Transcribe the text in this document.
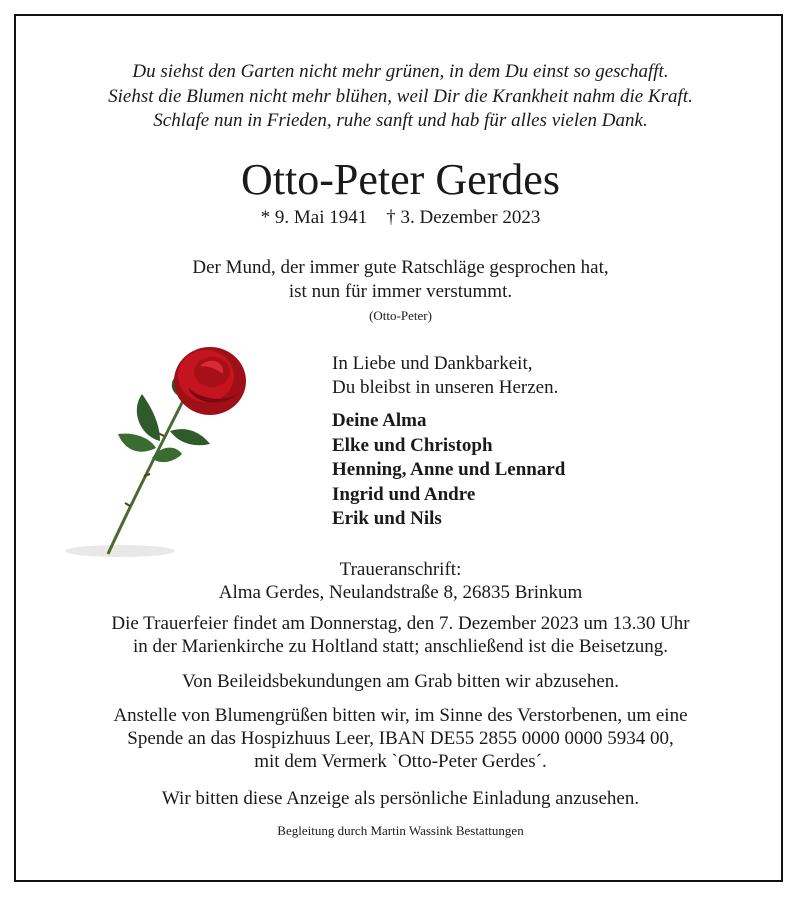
Du siehst den Garten nicht mehr grünen, in dem Du einst so geschafft.
Siehst die Blumen nicht mehr blühen, weil Dir die Krankheit nahm die Kraft.
Schlafe nun in Frieden, ruhe sanft und hab für alles vielen Dank.
Otto-Peter Gerdes
* 9. Mai 1941 † 3. Dezember 2023
Der Mund, der immer gute Ratschläge gesprochen hat,
ist nun für immer verstummt.
(Otto-Peter)
In Liebe und Dankbarkeit,
Du bleibst in unseren Herzen.
Deine Alma
Elke und Christoph
Henning, Anne und Lennard
Ingrid und Andre
Erik und Nils
Traueranschrift:
Alma Gerdes, Neulandstraße 8, 26835 Brinkum
Die Trauerfeier findet am Donnerstag, den 7. Dezember 2023 um 13.30 Uhr
in der Marienkirche zu Holtland statt; anschließend ist die Beisetzung.
Von Beileidsbekundungen am Grab bitten wir abzusehen.
Anstelle von Blumengrüßen bitten wir, im Sinne des Verstorbenen, um eine
Spende an das Hospizhuus Leer, IBAN DE55 2855 0000 0000 5934 00,
mit dem Vermerk `Otto-Peter Gerdes´.
Wir bitten diese Anzeige als persönliche Einladung anzusehen.
Begleitung durch Martin Wassink Bestattungen
